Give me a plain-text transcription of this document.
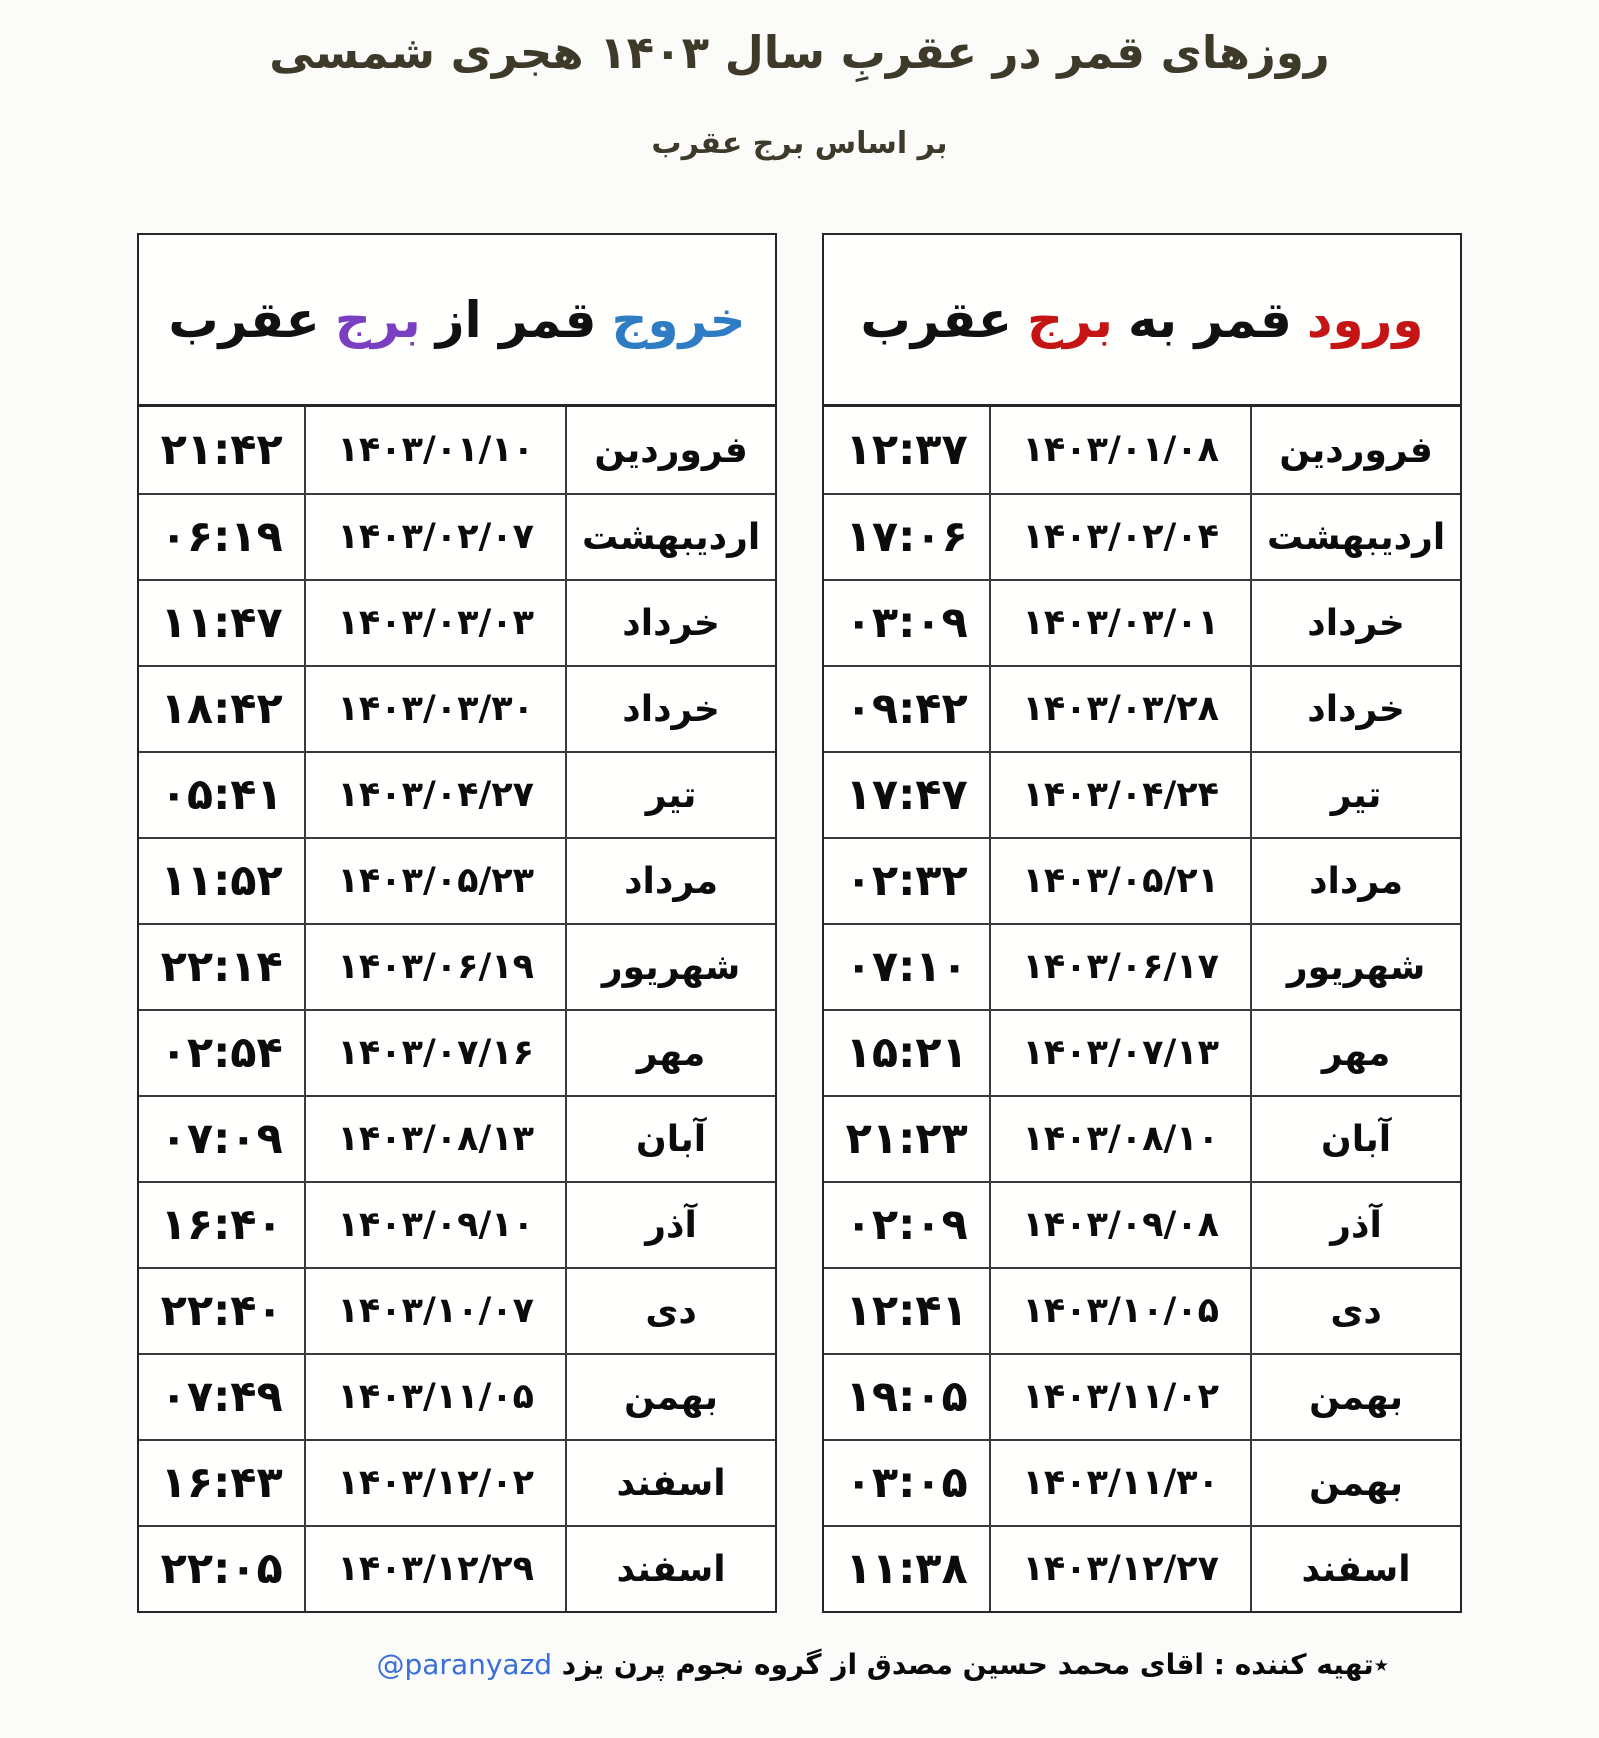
روزهای قمر در عقربِ سال ۱۴۰۳ هجری شمسی
بر اساس برج عقرب
ورود
قمر به
برج
عقرب
فروردین
۱۴۰۳/۰۱/۰۸
۱۲:۳۷
اردیبهشت
۱۴۰۳/۰۲/۰۴
۱۷:۰۶
خرداد
۱۴۰۳/۰۳/۰۱
۰۳:۰۹
خرداد
۱۴۰۳/۰۳/۲۸
۰۹:۴۲
تیر
۱۴۰۳/۰۴/۲۴
۱۷:۴۷
مرداد
۱۴۰۳/۰۵/۲۱
۰۲:۳۲
شهریور
۱۴۰۳/۰۶/۱۷
۰۷:۱۰
مهر
۱۴۰۳/۰۷/۱۳
۱۵:۲۱
آبان
۱۴۰۳/۰۸/۱۰
۲۱:۲۳
آذر
۱۴۰۳/۰۹/۰۸
۰۲:۰۹
دی
۱۴۰۳/۱۰/۰۵
۱۲:۴۱
بهمن
۱۴۰۳/۱۱/۰۲
۱۹:۰۵
بهمن
۱۴۰۳/۱۱/۳۰
۰۳:۰۵
اسفند
۱۴۰۳/۱۲/۲۷
۱۱:۳۸
خروج
قمر از
برج
عقرب
فروردین
۱۴۰۳/۰۱/۱۰
۲۱:۴۲
اردیبهشت
۱۴۰۳/۰۲/۰۷
۰۶:۱۹
خرداد
۱۴۰۳/۰۳/۰۳
۱۱:۴۷
خرداد
۱۴۰۳/۰۳/۳۰
۱۸:۴۲
تیر
۱۴۰۳/۰۴/۲۷
۰۵:۴۱
مرداد
۱۴۰۳/۰۵/۲۳
۱۱:۵۲
شهریور
۱۴۰۳/۰۶/۱۹
۲۲:۱۴
مهر
۱۴۰۳/۰۷/۱۶
۰۲:۵۴
آبان
۱۴۰۳/۰۸/۱۳
۰۷:۰۹
آذر
۱۴۰۳/۰۹/۱۰
۱۶:۴۰
دی
۱۴۰۳/۱۰/۰۷
۲۲:۴۰
بهمن
۱۴۰۳/۱۱/۰۵
۰۷:۴۹
اسفند
۱۴۰۳/۱۲/۰۲
۱۶:۴۳
اسفند
۱۴۰۳/۱۲/۲۹
۲۲:۰۵
٭تهیه کننده : اقای محمد حسین مصدق از گروه نجوم پرن یزد @paranyazd
